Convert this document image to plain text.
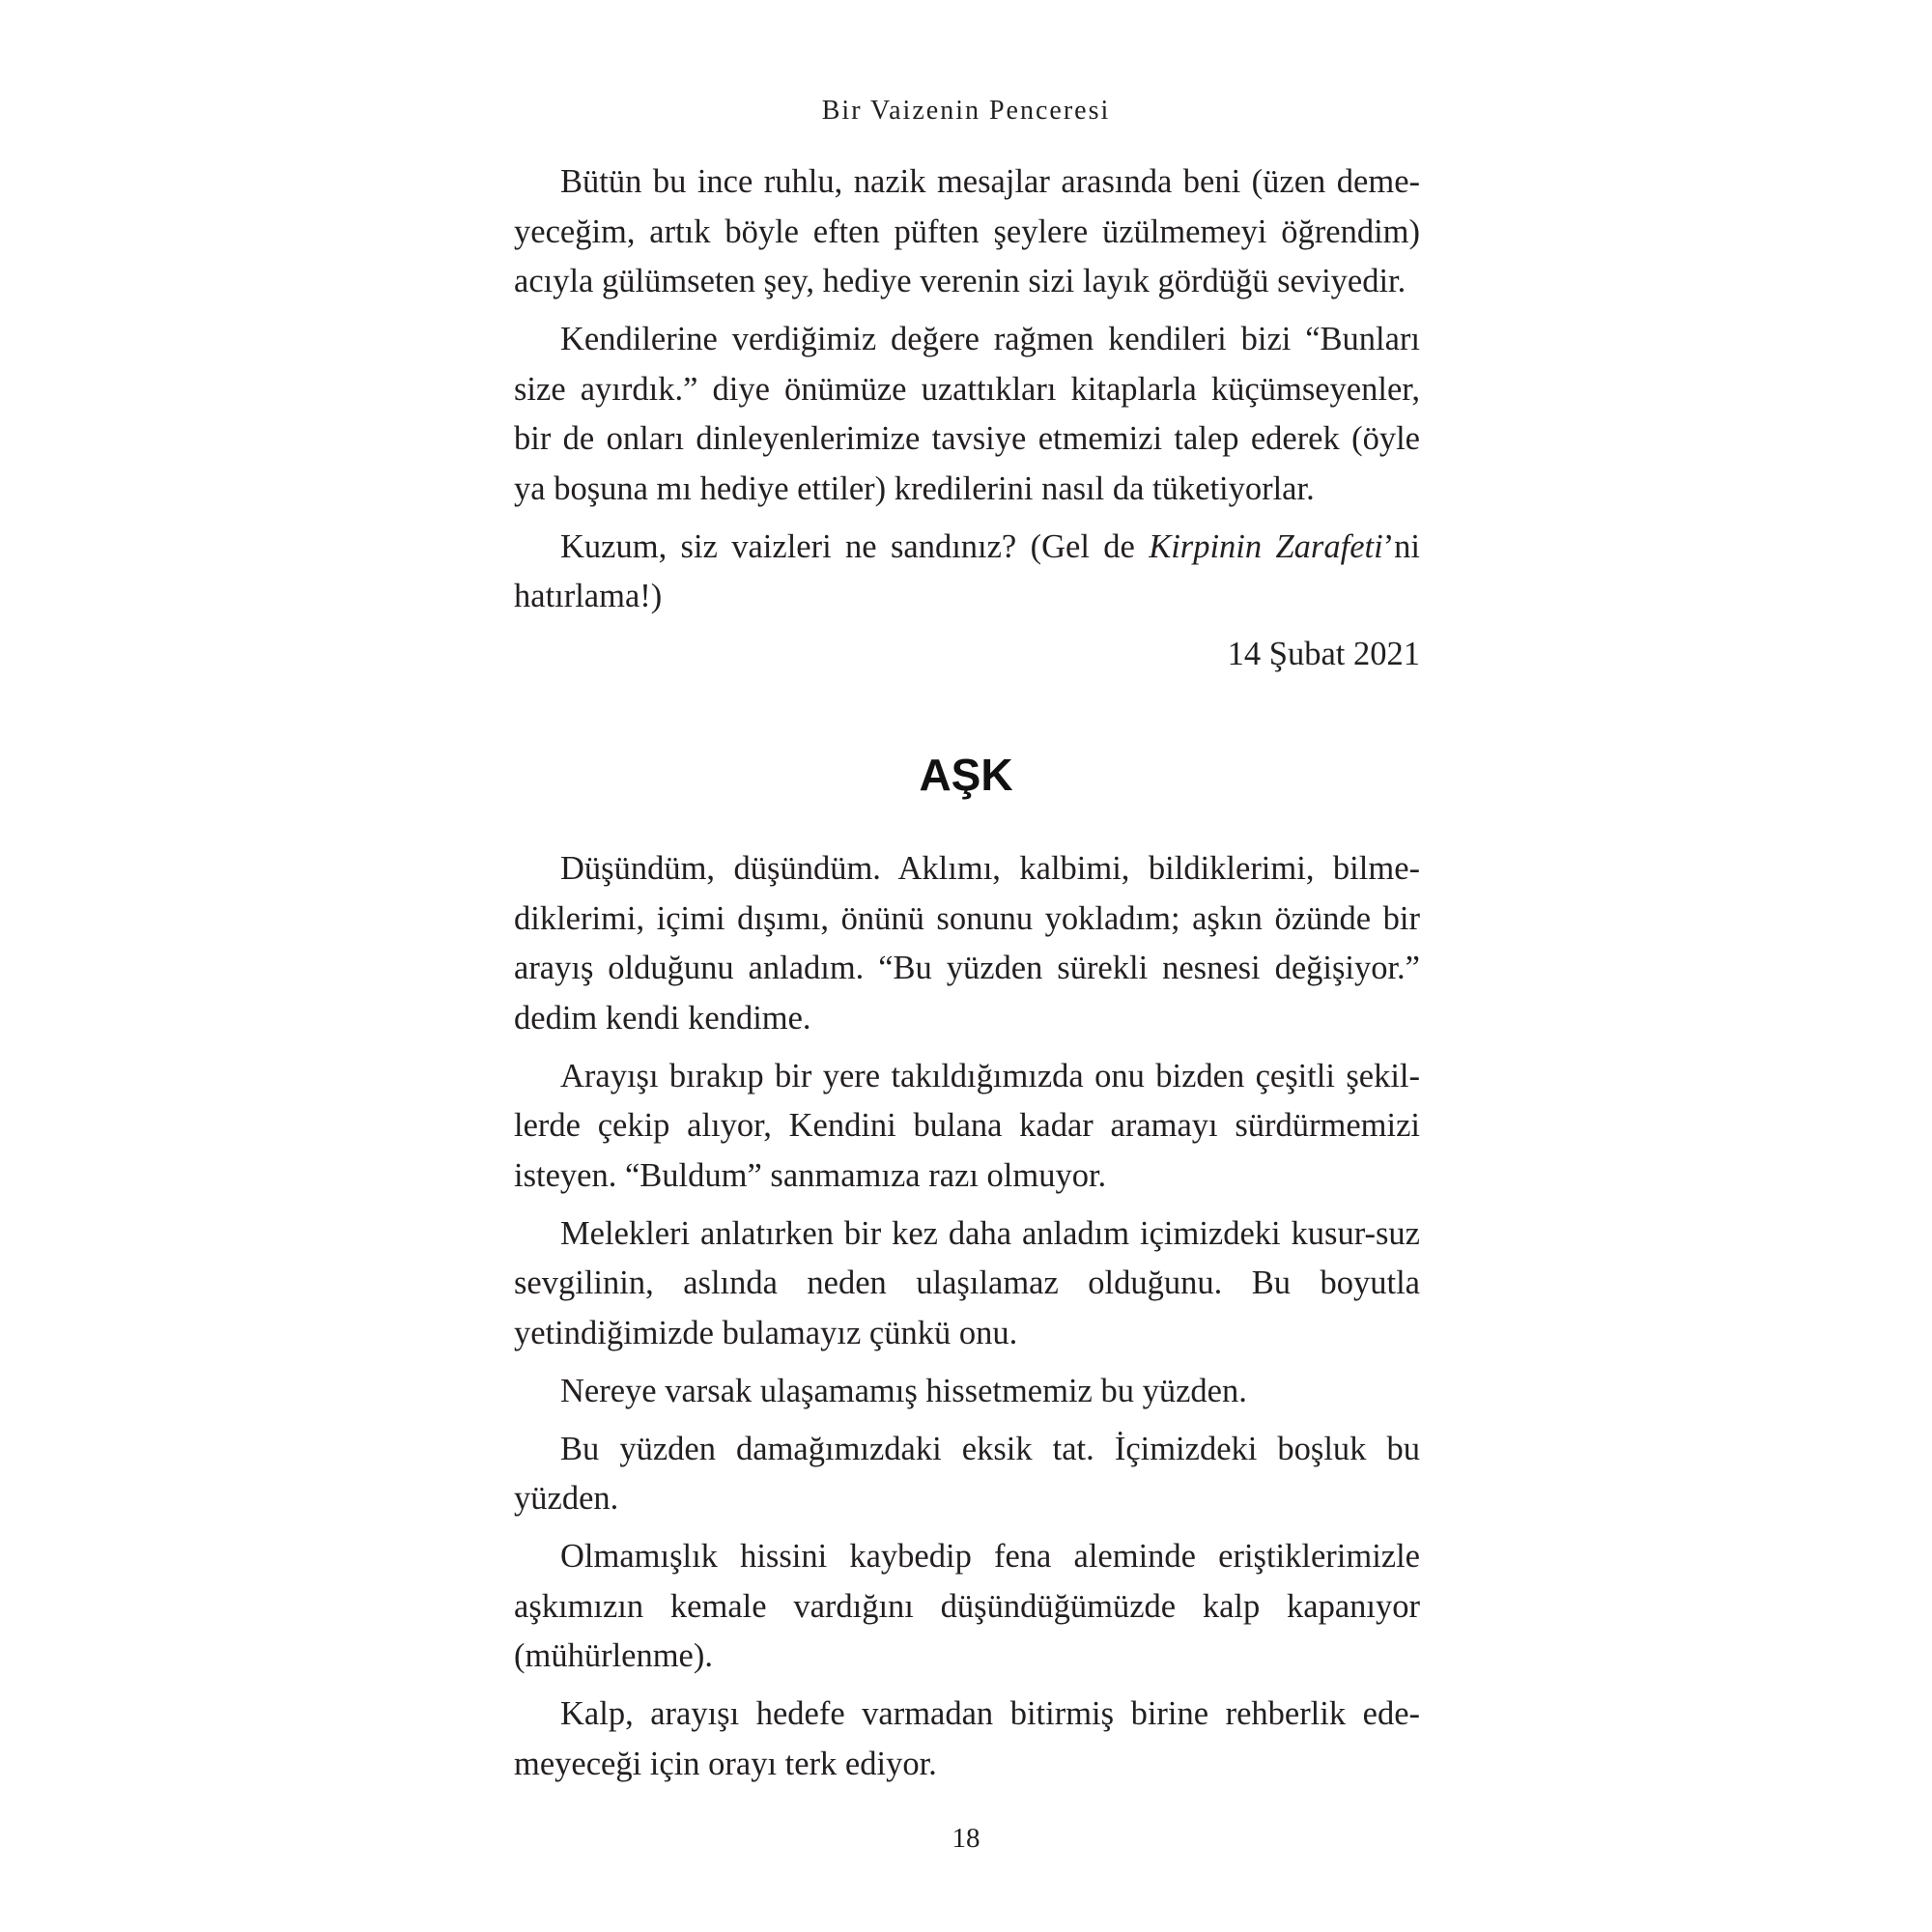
Bir Vaizenin Penceresi

Bütün bu ince ruhlu, nazik mesajlar arasında beni (üzen deme-yeceğim, artık böyle eften püften şeylere üzülmemeyi öğrendim) acıyla gülümseten şey, hediye verenin sizi layık gördüğü seviyedir.

Kendilerine verdiğimiz değere rağmen kendileri bizi “Bunları size ayırdık.” diye önümüze uzattıkları kitaplarla küçümseyenler, bir de onları dinleyenlerimize tavsiye etmemizi talep ederek (öyle ya boşuna mı hediye ettiler) kredilerini nasıl da tüketiyorlar.

Kuzum, siz vaizleri ne sandınız? (Gel de Kirpinin Zarafeti’ni hatırlama!)

14 Şubat 2021

AŞK

Düşündüm, düşündüm. Aklımı, kalbimi, bildiklerimi, bilme-diklerimi, içimi dışımı, önünü sonunu yokladım; aşkın özünde bir arayış olduğunu anladım. “Bu yüzden sürekli nesnesi değişiyor.” dedim kendi kendime.

Arayışı bırakıp bir yere takıldığımızda onu bizden çeşitli şekil-lerde çekip alıyor, Kendini bulana kadar aramayı sürdürmemizi isteyen. “Buldum” sanmamıza razı olmuyor.

Melekleri anlatırken bir kez daha anladım içimizdeki kusur-suz sevgilinin, aslında neden ulaşılamaz olduğunu. Bu boyutla yetindiğimizde bulamayız çünkü onu.

Nereye varsak ulaşamamış hissetmemiz bu yüzden.

Bu yüzden damağımızdaki eksik tat. İçimizdeki boşluk bu yüzden.

Olmamışlık hissini kaybedip fena aleminde eriştiklerimizle aşkımızın kemale vardığını düşündüğümüzde kalp kapanıyor (mühürlenme).

Kalp, arayışı hedefe varmadan bitirmiş birine rehberlik ede-meyeceği için orayı terk ediyor.

18
